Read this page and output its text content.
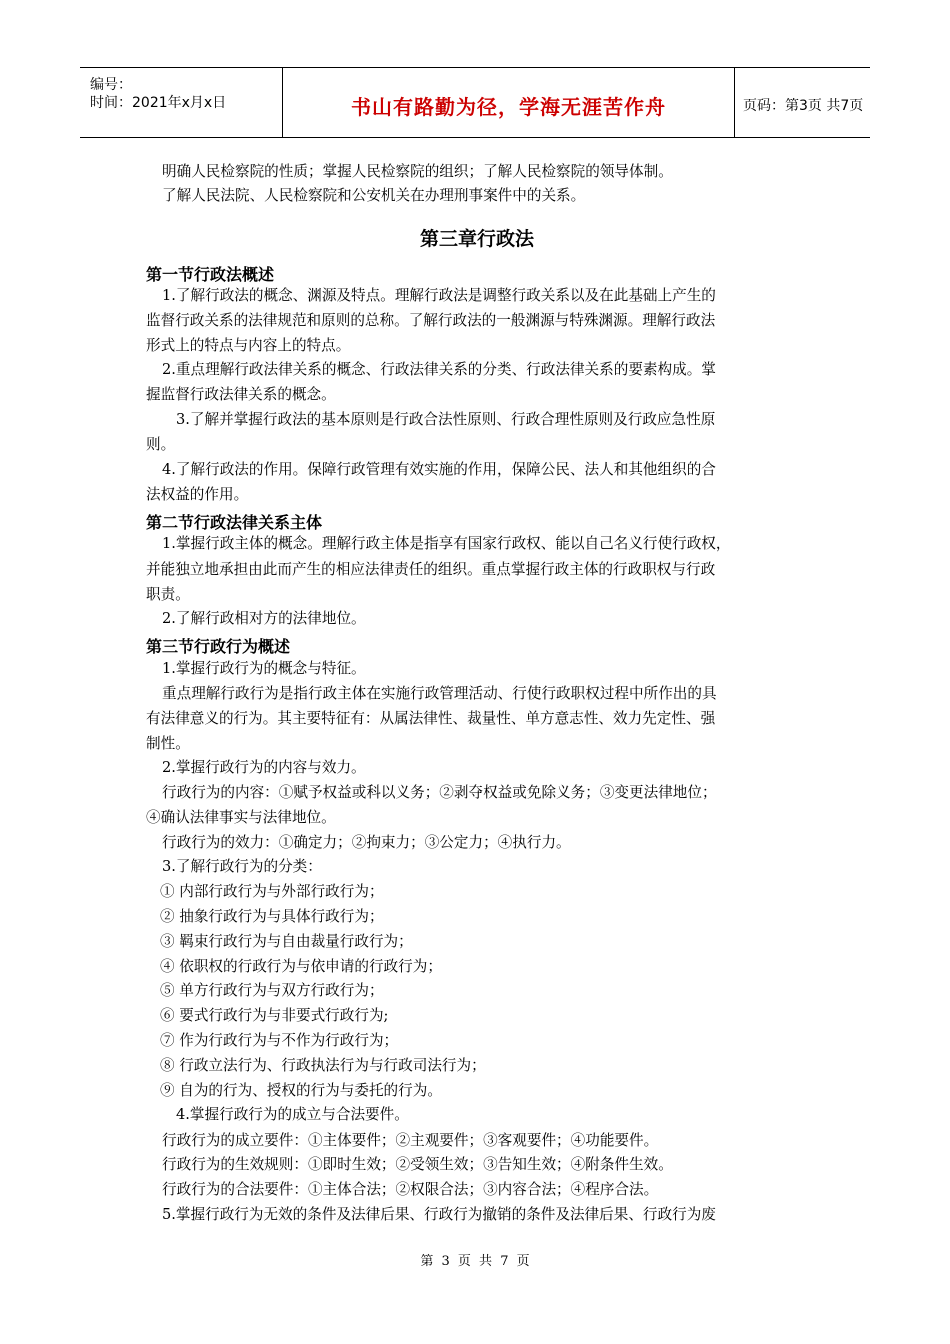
编号：
时间：2021年x月x日	书山有路勤为径，学海无涯苦作舟	页码：第3页 共7页
明确人民检察院的性质；掌握人民检察院的组织；了解人民检察院的领导体制。
了解人民法院、人民检察院和公安机关在办理刑事案件中的关系。
第三章行政法
第一节行政法概述
1.了解行政法的概念、渊源及特点。理解行政法是调整行政关系以及在此基础上产生的
监督行政关系的法律规范和原则的总称。了解行政法的一般渊源与特殊渊源。理解行政法
形式上的特点与内容上的特点。
2.重点理解行政法律关系的概念、行政法律关系的分类、行政法律关系的要素构成。掌
握监督行政法律关系的概念。
3.了解并掌握行政法的基本原则是行政合法性原则、行政合理性原则及行政应急性原
则。
4.了解行政法的作用。保障行政管理有效实施的作用，保障公民、法人和其他组织的合
法权益的作用。
第二节行政法律关系主体
1.掌握行政主体的概念。理解行政主体是指享有国家行政权、能以自己名义行使行政权，
并能独立地承担由此而产生的相应法律责任的组织。重点掌握行政主体的行政职权与行政
职责。
2.了解行政相对方的法律地位。
第三节行政行为概述
1.掌握行政行为的概念与特征。
重点理解行政行为是指行政主体在实施行政管理活动、行使行政职权过程中所作出的具
有法律意义的行为。其主要特征有：从属法律性、裁量性、单方意志性、效力先定性、强
制性。
2.掌握行政行为的内容与效力。
行政行为的内容：①赋予权益或科以义务；②剥夺权益或免除义务；③变更法律地位；
④确认法律事实与法律地位。
行政行为的效力：①确定力；②拘束力；③公定力；④执行力。
3.了解行政行为的分类：
① 内部行政行为与外部行政行为；
② 抽象行政行为与具体行政行为；
③ 羁束行政行为与自由裁量行政行为；
④ 依职权的行政行为与依申请的行政行为；
⑤ 单方行政行为与双方行政行为；
⑥ 要式行政行为与非要式行政行为;
⑦ 作为行政行为与不作为行政行为；
⑧ 行政立法行为、行政执法行为与行政司法行为；
⑨ 自为的行为、授权的行为与委托的行为。
4.掌握行政行为的成立与合法要件。
行政行为的成立要件：①主体要件；②主观要件；③客观要件；④功能要件。
行政行为的生效规则：①即时生效；②受领生效；③告知生效；④附条件生效。
行政行为的合法要件：①主体合法；②权限合法；③内容合法；④程序合法。
5.掌握行政行为无效的条件及法律后果、行政行为撤销的条件及法律后果、行政行为废
第 3 页 共 7 页
